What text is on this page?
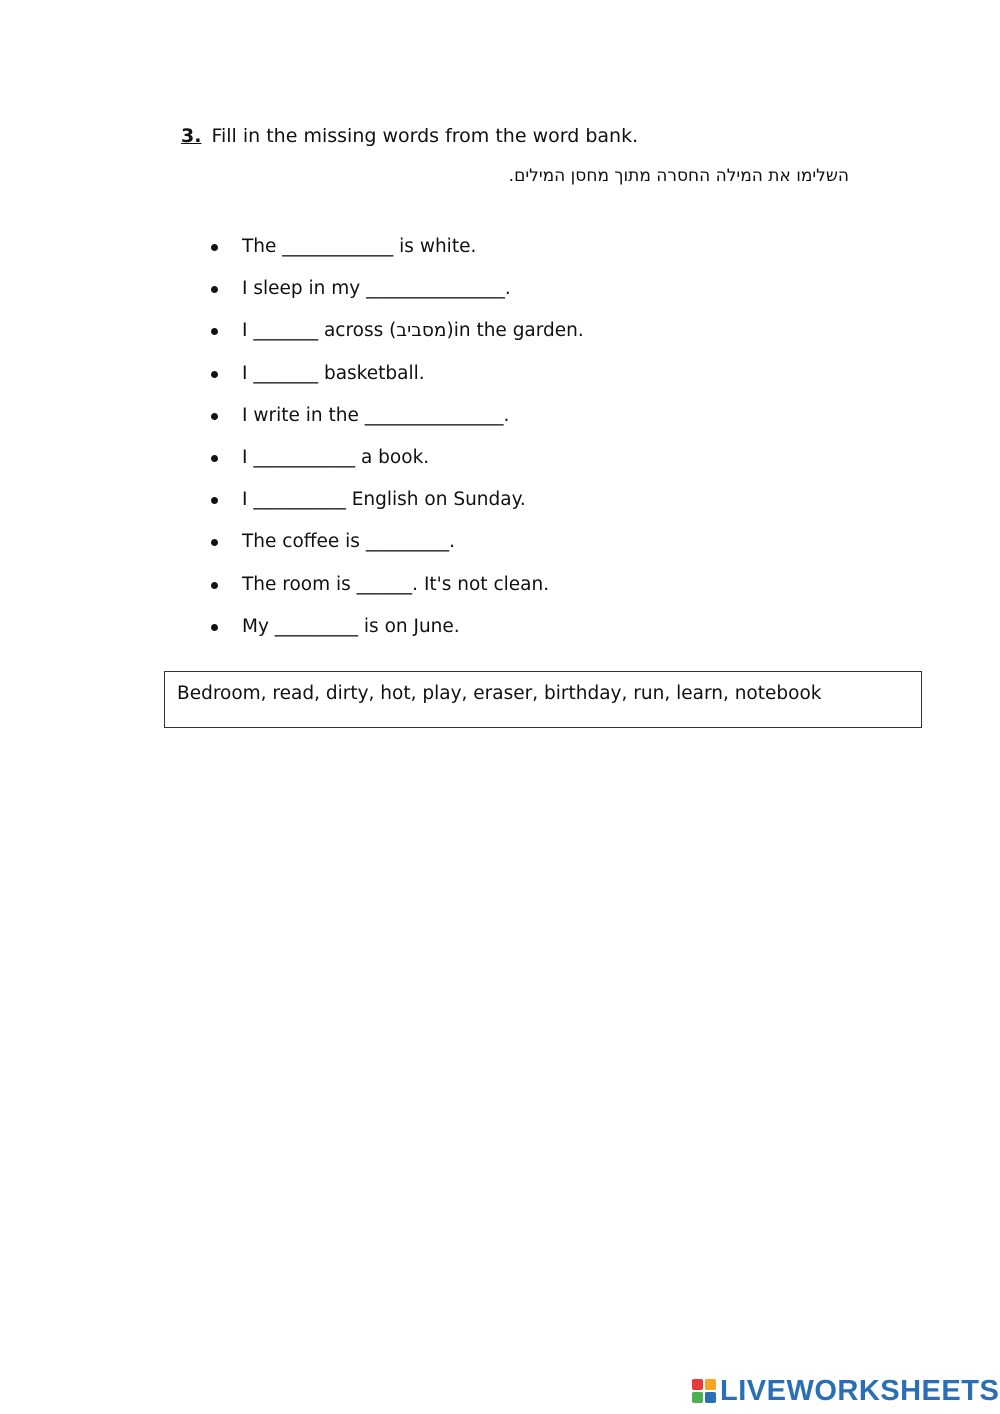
3. Fill in the missing words from the word bank.
השלימו את המילה החסרה מתוך מחסן המילים.
The ____________ is white.
I sleep in my _______________.
I _______ across (מסביב)in the garden.
I _______ basketball.
I write in the _______________.
I ___________ a book.
I __________ English on Sunday.
The coffee is _________.
The room is ______. It's not clean.
My _________ is on June.
Bedroom, read, dirty, hot, play, eraser, birthday, run, learn, notebook
LIVEWORKSHEETS
